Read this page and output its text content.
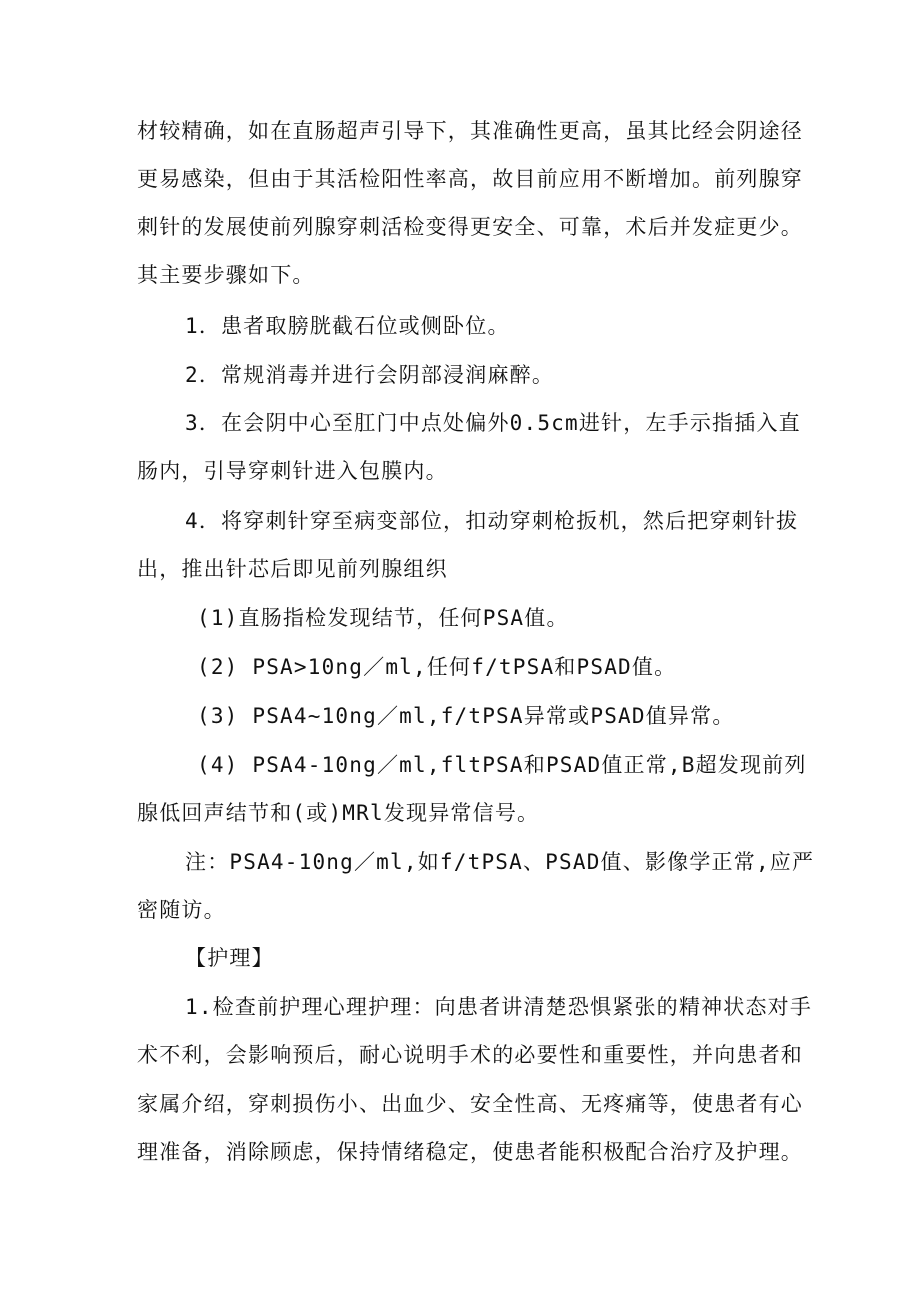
材较精确，如在直肠超声引导下，其准确性更高，虽其比经会阴途径
更易感染，但由于其活检阳性率高，故目前应用不断增加。前列腺穿
刺针的发展使前列腺穿刺活检变得更安全、可靠，术后并发症更少。
其主要步骤如下。
1．患者取膀胱截石位或侧卧位。
2．常规消毒并进行会阴部浸润麻醉。
3．在会阴中心至肛门中点处偏外0.5cm进针，左手示指插入直
肠内，引导穿刺针进入包膜内。
4．将穿刺针穿至病变部位，扣动穿刺枪扳机，然后把穿刺针拔
出，推出针芯后即见前列腺组织
(1)直肠指检发现结节，任何PSA值。
(2) PSA>10ng／ml,任何f/tPSA和PSAD值。
(3) PSA4~10ng／ml,f/tPSA异常或PSAD值异常。
(4) PSA4-10ng／ml,fltPSA和PSAD值正常,B超发现前列
腺低回声结节和(或)MRl发现异常信号。
注：PSA4-10ng／ml,如f/tPSA、PSAD值、影像学正常,应严
密随访。
【护理】
1.检查前护理心理护理：向患者讲清楚恐惧紧张的精神状态对手
术不利，会影响预后，耐心说明手术的必要性和重要性，并向患者和
家属介绍，穿刺损伤小、出血少、安全性高、无疼痛等，使患者有心
理准备，消除顾虑，保持情绪稳定，使患者能积极配合治疗及护理。
